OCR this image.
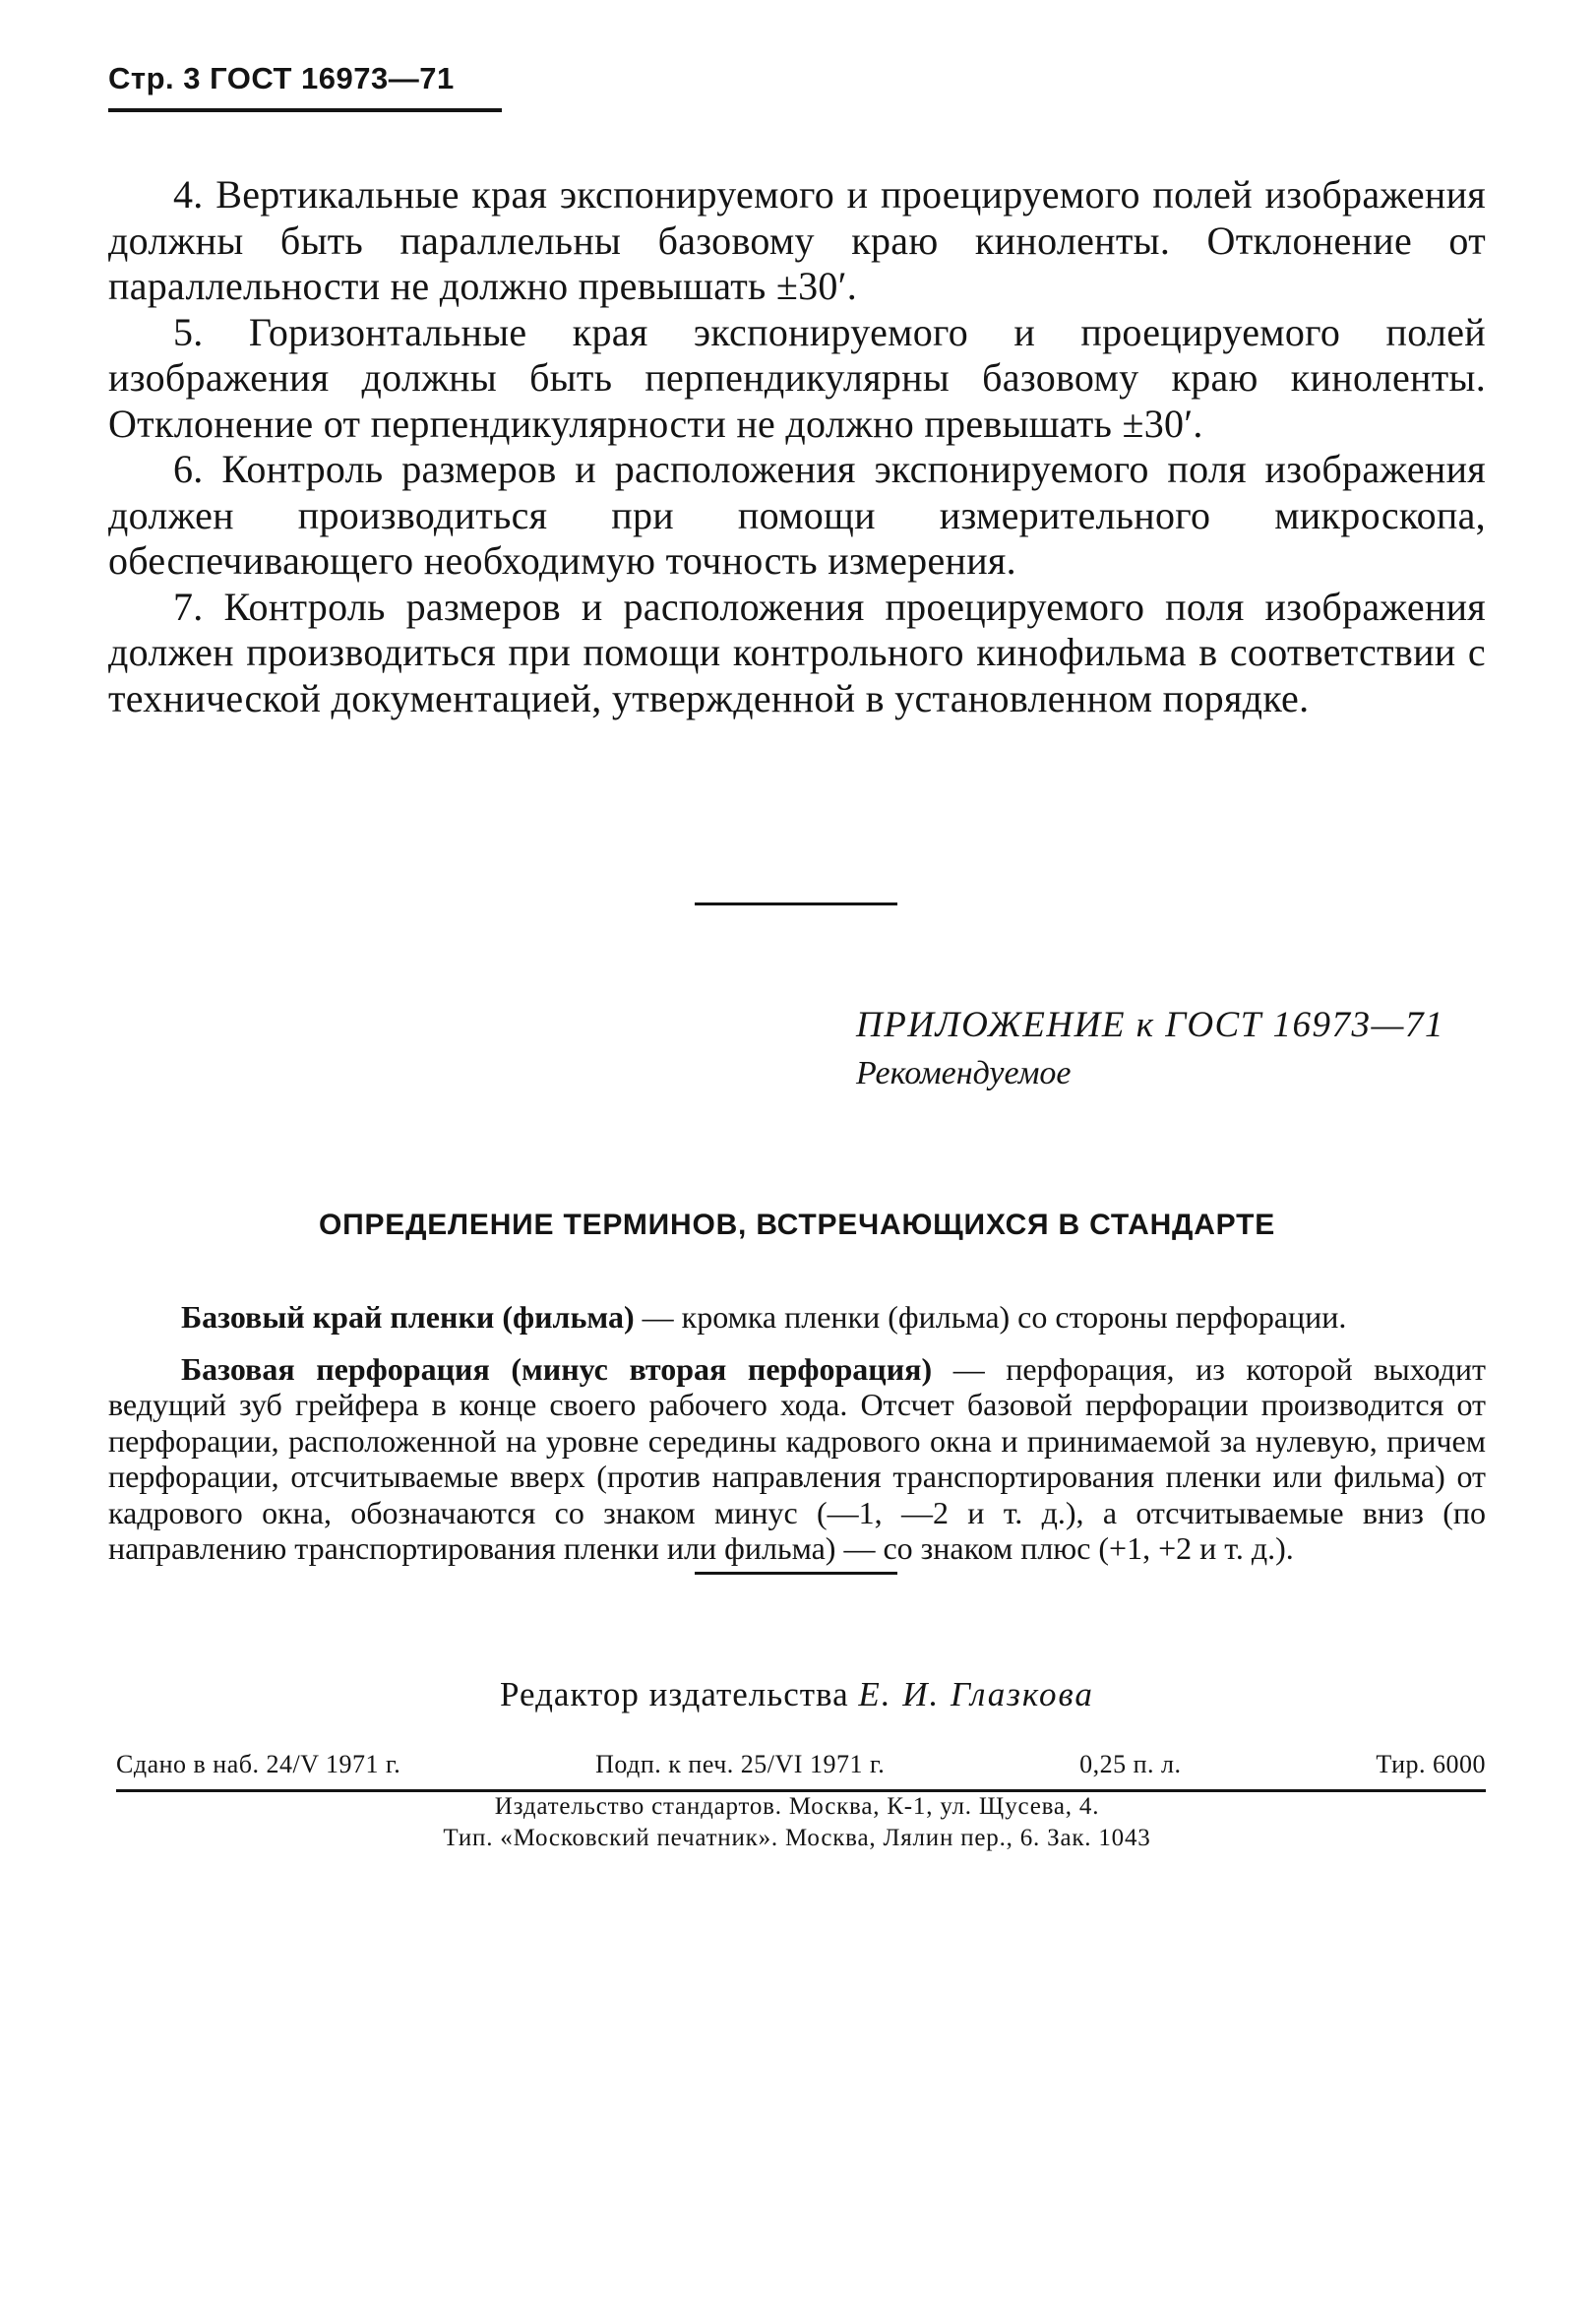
Стр. 3 ГОСТ 16973—71

4. Вертикальные края экспонируемого и проецируемого полей изображения должны быть параллельны базовому краю киноленты. Отклонение от параллельности не должно превышать ±30′.

5. Горизонтальные края экспонируемого и проецируемого полей изображения должны быть перпендикулярны базовому краю киноленты. Отклонение от перпендикулярности не должно превышать ±30′.

6. Контроль размеров и расположения экспонируемого поля изображения должен производиться при помощи измерительного микроскопа, обеспечивающего необходимую точность измерения.

7. Контроль размеров и расположения проецируемого поля изображения должен производиться при помощи контрольного кинофильма в соответствии с технической документацией, утвержденной в установленном порядке.

ПРИЛОЖЕНИЕ к ГОСТ 16973—71
Рекомендуемое
ОПРЕДЕЛЕНИЕ ТЕРМИНОВ, ВСТРЕЧАЮЩИХСЯ В СТАНДАРТЕ

Базовый край пленки (фильма) — кромка пленки (фильма) со стороны перфорации.

Базовая перфорация (минус вторая перфорация) — перфорация, из которой выходит ведущий зуб грейфера в конце своего рабочего хода. Отсчет базовой перфорации производится от перфорации, расположенной на уровне середины кадрового окна и принимаемой за нулевую, причем перфорации, отсчитываемые вверх (против направления транспортирования пленки или фильма) от кадрового окна, обозначаются со знаком минус (—1, —2 и т. д.), а отсчитываемые вниз (по направлению транспортирования пленки или фильма) — со знаком плюс (+1, +2 и т. д.).

Редактор издательства Е. И. Глазкова
Сдано в наб. 24/V 1971 г.	Подп. к печ. 25/VI 1971 г.	0,25 п. л.	Тир. 6000
Издательство стандартов. Москва, К-1, ул. Щусева, 4.
Тип. «Московский печатник». Москва, Лялин пер., 6. Зак. 1043
